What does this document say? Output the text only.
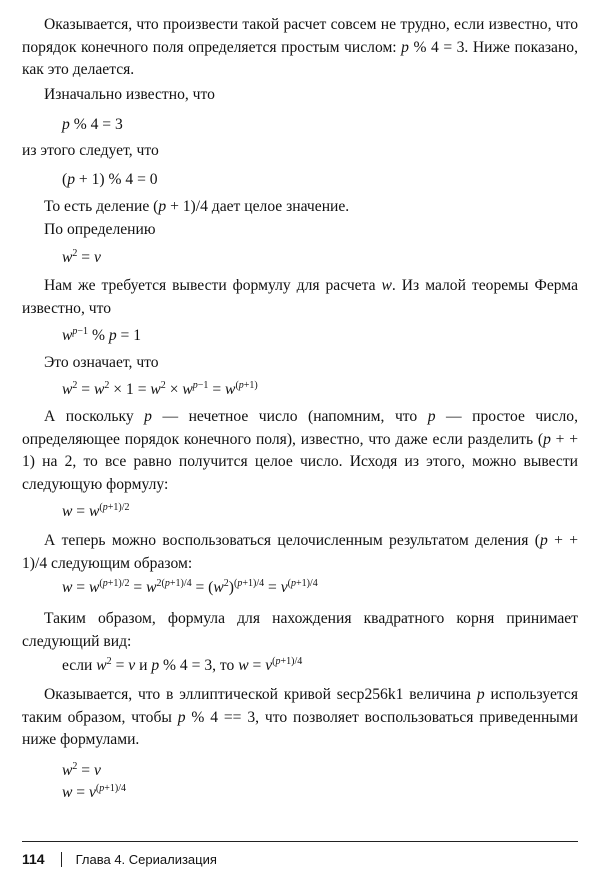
Оказывается, что произвести такой расчет совсем не трудно, если известно, что порядок конечного поля определяется простым числом: p % 4 = 3. Ниже показано, как это делается.

Изначально известно, что

p % 4 = 3

из этого следует, что

(p + 1) % 4 = 0

То есть деление (p + 1)/4 дает целое значение.

По определению

$w^2 = v$

Нам же требуется вывести формулу для расчета w. Из малой теоремы Ферма известно, что

$w^{p-1}$ % p = 1

Это означает, что

$w^2 = w^2 \times 1 = w^2 \times w^{p-1} = w^{(p+1)}$

А поскольку p — нечетное число (напомним, что p — простое число, определяющее порядок конечного поля), известно, что даже если разделить (p + + 1) на 2, то все равно получится целое число. Исходя из этого, можно вывести следующую формулу:

$w = w^{(p+1)/2}$

А теперь можно воспользоваться целочисленным результатом деления (p + + 1)/4 следующим образом:

$w = w^{(p+1)/2} = w^{2(p+1)/4} = (w^2)^{(p+1)/4} = v^{(p+1)/4}$

Таким образом, формула для нахождения квадратного корня принимает следующий вид:

если $w^2 = v$ и p % 4 = 3, то $w = v^{(p+1)/4}$

Оказывается, что в эллиптической кривой secp256k1 величина p используется таким образом, чтобы p % 4 == 3, что позволяет воспользоваться приведенными ниже формулами.

$w^2 = v$
$w = v^{(p+1)/4}$
114 Глава 4. Сериализация
